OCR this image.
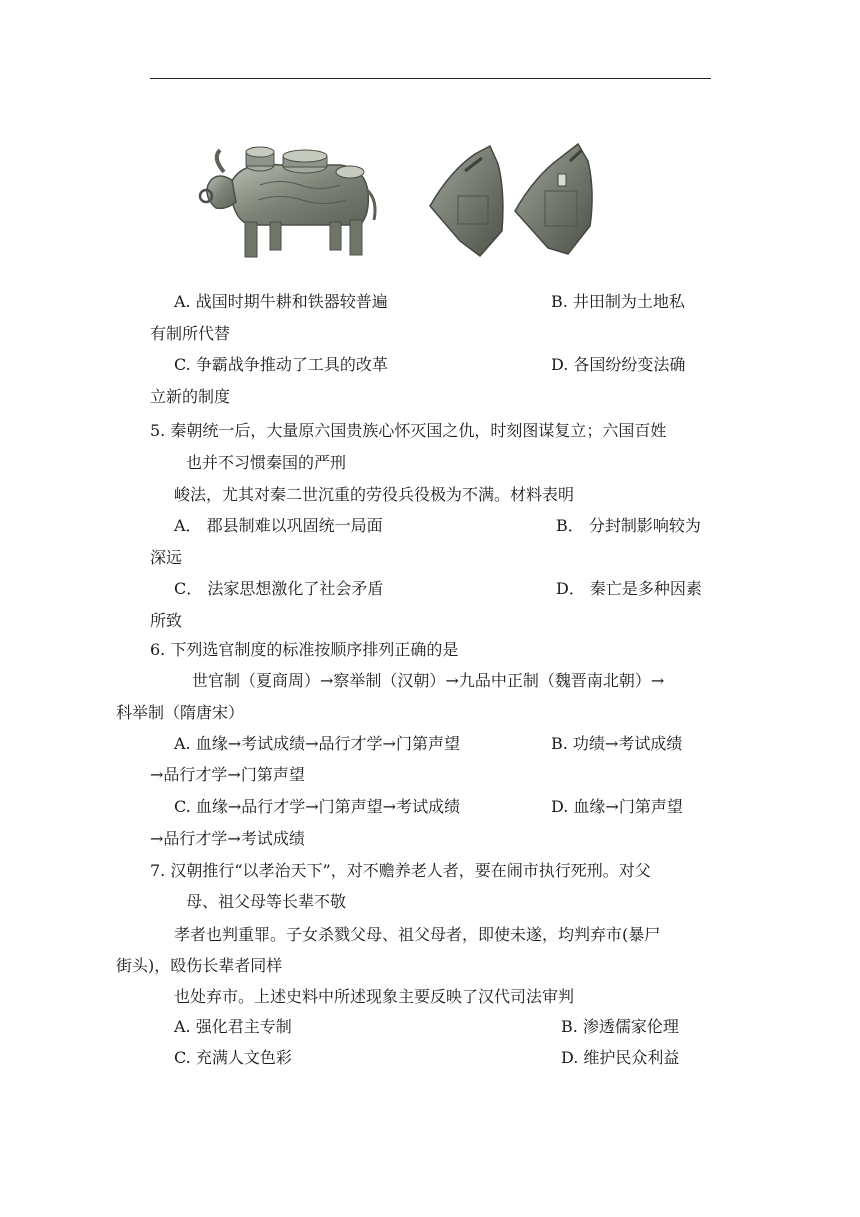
A. 战国时期牛耕和铁器较普遍	B. 井田制为土地私
有制所代替
C. 争霸战争推动了工具的改革	D. 各国纷纷变法确
立新的制度
5. 秦朝统一后，大量原六国贵族心怀灭国之仇，时刻图谋复立；六国百姓
也并不习惯秦国的严刑
峻法，尤其对秦二世沉重的劳役兵役极为不满。材料表明
A． 郡县制难以巩固统一局面	B． 分封制影响较为
深远
C． 法家思想激化了社会矛盾	D． 秦亡是多种因素
所致
6. 下列选官制度的标准按顺序排列正确的是
世官制（夏商周）→察举制（汉朝）→九品中正制（魏晋南北朝）→
科举制（隋唐宋）
A. 血缘→考试成绩→品行才学→门第声望	B. 功绩→考试成绩
→品行才学→门第声望
C. 血缘→品行才学→门第声望→考试成绩	D. 血缘→门第声望
→品行才学→考试成绩
7. 汉朝推行“以孝治天下”，对不赡养老人者，要在闹市执行死刑。对父
母、祖父母等长辈不敬
孝者也判重罪。子女杀戮父母、祖父母者，即使未遂，均判弃市(暴尸
街头)，殴伤长辈者同样
也处弃市。上述史料中所述现象主要反映了汉代司法审判
A. 强化君主专制	B. 渗透儒家伦理
C. 充满人文色彩	D. 维护民众利益
